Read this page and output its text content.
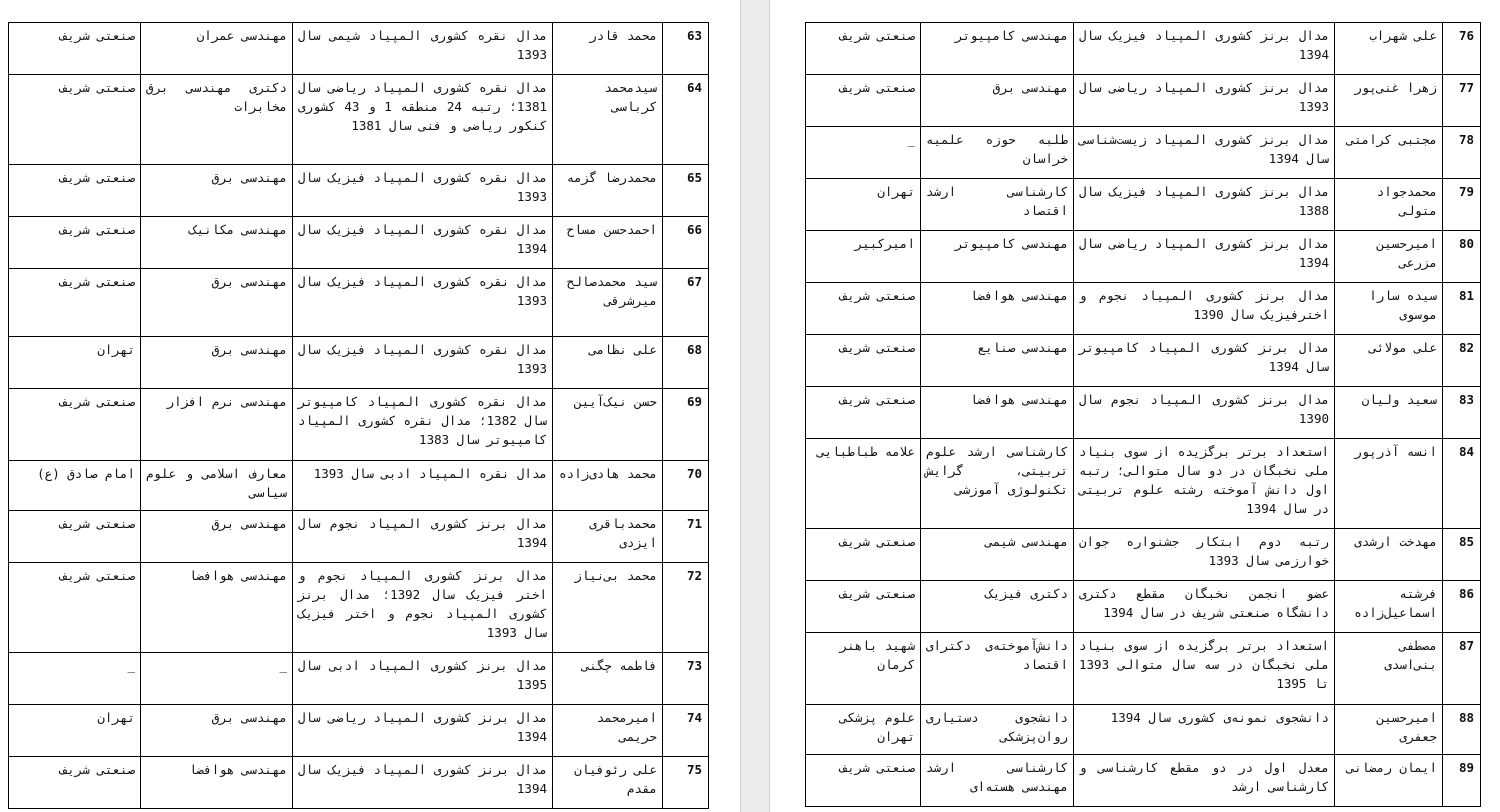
63	محمد قادر	مدال نقره کشوری المپیاد شیمی سال 1393	مهندسی عمران	صنعتی شریف
64	سیدمحمد کرباسی	مدال نقره کشوری المپیاد ریاضی سال 1381؛ رتبه 24 منطقه 1 و 43 کشوری کنکور ریاضی و فنی سال 1381	دکتری مهندسی برق مخابرات	صنعتی شریف
65	محمدرضا گزمه	مدال نقره کشوری المپیاد فیزیک سال 1393	مهندسی برق	صنعتی شریف
66	احمدحسن مساح	مدال نقره کشوری المپیاد فیزیک سال 1394	مهندسی مکانیک	صنعتی شریف
67	سید محمدصالح میرشرقی	مدال نقره کشوری المپیاد فیزیک سال 1393	مهندسی برق	صنعتی شریف
68	علی نظامی	مدال نقره کشوری المپیاد فیزیک سال 1393	مهندسی برق	تهران
69	حسن نیک‌آیین	مدال نقره کشوری المپیاد کامپیوتر سال 1382؛ مدال نقره کشوری المپیاد کامپیوتر سال 1383	مهندسی نرم افزار	صنعتی شریف
70	محمد هادی‌زاده	مدال نقره المپیاد ادبی سال 1393	معارف اسلامی و علوم سیاسی	امام صادق (ع)
71	محمدباقری ایزدی	مدال برنز کشوری المپیاد نجوم سال 1394	مهندسی برق	صنعتی شریف
72	محمد بی‌نیاز	مدال برنز کشوری المپیاد نجوم و اختر فیزیک سال 1392؛ مدال برنز کشوری المپیاد نجوم و اختر فیزیک سال 1393	مهندسی هوافضا	صنعتی شریف
73	فاطمه چگنی	مدال برنز کشوری المپیاد ادبی سال 1395	_	_
74	امیرمحمد حریمی	مدال برنز کشوری المپیاد ریاضی سال 1394	مهندسی برق	تهران
75	علی رئوفیان مقدم	مدال برنز کشوری المپیاد فیزیک سال 1394	مهندسی هوافضا	صنعتی شریف
76	علی شهراب	مدال برنز کشوری المپیاد فیزیک سال 1394	مهندسی کامپیوتر	صنعتی شریف
77	زهرا غنی‌پور	مدال برنز کشوری المپیاد ریاضی سال 1393	مهندسی برق	صنعتی شریف
78	مجتبی کرامتی	مدال برنز کشوری المپیاد زیست‌شناسی سال 1394	طلبه حوزه علمیه خراسان	_
79	محمدجواد متولی	مدال برنز کشوری المپیاد فیزیک سال 1388	کارشناسی ارشد اقتصاد	تهران
80	امیرحسین مزرعی	مدال برنز کشوری المپیاد ریاضی سال 1394	مهندسی کامپیوتر	امیرکبیر
81	سیده سارا موسوی	مدال برنز کشوری المپیاد نجوم و اخترفیزیک سال 1390	مهندسی هوافضا	صنعتی شریف
82	علی مولائی	مدال برنز کشوری المپیاد کامپیوتر سال 1394	مهندسی صنایع	صنعتی شریف
83	سعید ولیان	مدال برنز کشوری المپیاد نجوم سال 1390	مهندسی هوافضا	صنعتی شریف
84	انسه آذرپور	استعداد برتر برگزیده از سوی بنیاد ملی نخبگان در دو سال متوالی؛ رتبه اول دانش آموخته رشته علوم تربیتی در سال 1394	کارشناسی ارشد علوم تربیتی، گرایش تکنولوژی آموزشی	علامه طباطبایی
85	مهدخت ارشدی	رتبه دوم ابتکار جشنواره جوان خوارزمی سال 1393	مهندسی شیمی	صنعتی شریف
86	فرشته اسماعیل‌زاده	عضو انجمن نخبگان مقطع دکتری دانشگاه صنعتی شریف در سال 1394	دکتری فیزیک	صنعتی شریف
87	مصطفی بنی‌اسدی	استعداد برتر برگزیده از سوی بنیاد ملی نخبگان در سه سال متوالی 1393 تا 1395	دانش‌آموخته‌ی دکترای اقتصاد	شهید باهنر کرمان
88	امیرحسین جعفری	دانشجوی نمونه‌ی کشوری سال 1394	دانشجوی دستیاری روان‌پزشکی	علوم پزشکی تهران
89	ایمان رمضانی	معدل اول در دو مقطع کارشناسی و کارشناسی ارشد	کارشناسی ارشد مهندسی هسته‌ای	صنعتی شریف
